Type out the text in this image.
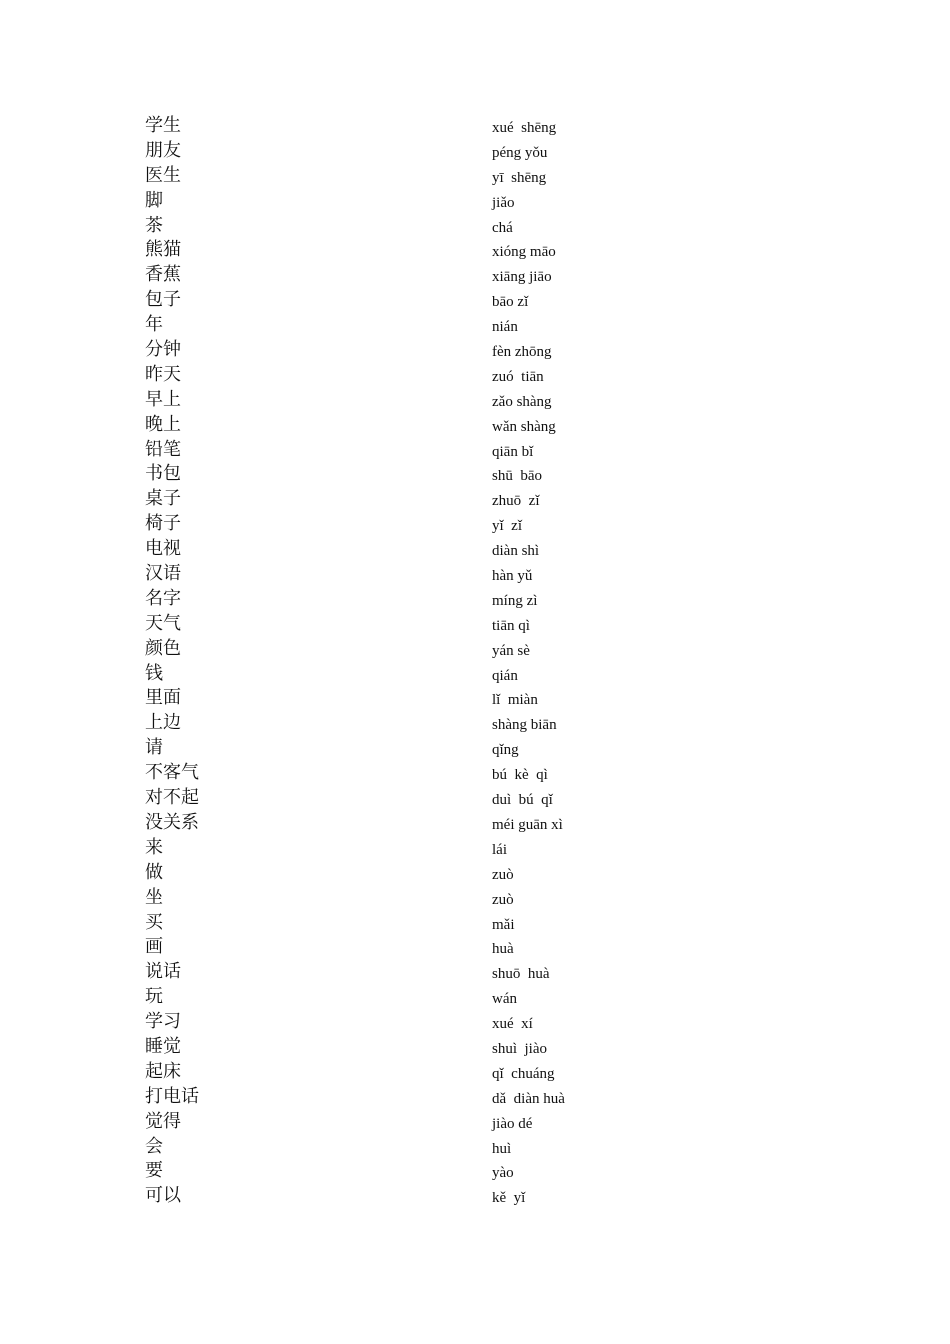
学生	xué  shēng
朋友	péng yǒu
医生	yī  shēng
脚	jiǎo
茶	chá
熊猫	xióng māo
香蕉	xiāng jiāo
包子	bāo zǐ
年	nián
分钟	fèn zhōng
昨天	zuó  tiān
早上	zǎo shàng
晚上	wǎn shàng
铅笔	qiān bǐ
书包	shū  bāo
桌子	zhuō  zǐ
椅子	yǐ  zǐ
电视	diàn shì
汉语	hàn yǔ
名字	míng zì
天气	tiān qì
颜色	yán sè
钱	qián
里面	lǐ  miàn
上边	shàng biān
请	qǐng
不客气	bú  kè  qì
对不起	duì  bú  qǐ
没关系	méi guān xì
来	lái
做	zuò
坐	zuò
买	mǎi
画	huà
说话	shuō  huà
玩	wán
学习	xué  xí
睡觉	shuì  jiào
起床	qǐ  chuáng
打电话	dǎ  diàn huà
觉得	jiào dé
会	huì
要	yào
可以	kě  yǐ
